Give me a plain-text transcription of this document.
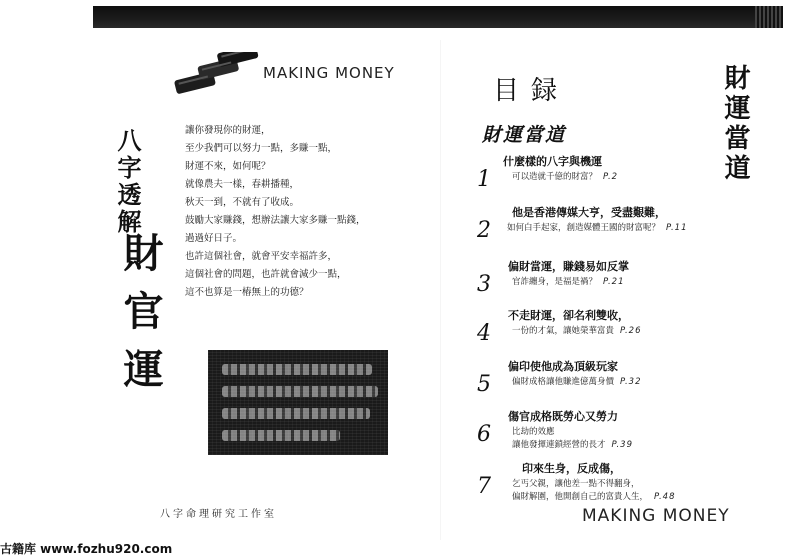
MAKING MONEY
八字透解
財官運
讓你發現你的財運，
至少我們可以努力一點，多賺一點，
財運不來，如何呢？
就像農夫一樣，春耕播種，
秋天一到，不就有了收成。
鼓勵大家賺錢，想辦法讓大家多賺一點錢，
過過好日子。
也許這個社會，就會平安幸福許多，
這個社會的問題，也許就會減少一點，
這不也算是一樁無上的功德？
八字命理研究工作室
目録
財運當道	財運當道
1
什麼樣的八字與機運
可以造就千億的財富？ P.2
2
他是香港傳媒大亨，受盡艱難，
如何白手起家，創造媒體王國的財富呢？ P.11
3
偏財當運，賺錢易如反掌
官詐纏身，是福是禍？ P.21
4
不走財運，卻名利雙收，
一份的才氣，讓她榮華富貴 P.26
5
偏印使他成為頂級玩家
偏財成格讓他賺進億萬身價 P.32
6
傷官成格既勞心又勞力
比劫的效應
讓他發揮連鎖經營的長才 P.39
7
印來生身，反成傷，
乞丐父親，讓他差一點不得翻身，
偏財解圍，他開創自己的富貴人生， P.48
MAKING MONEY
古籍库 www.fozhu920.com
